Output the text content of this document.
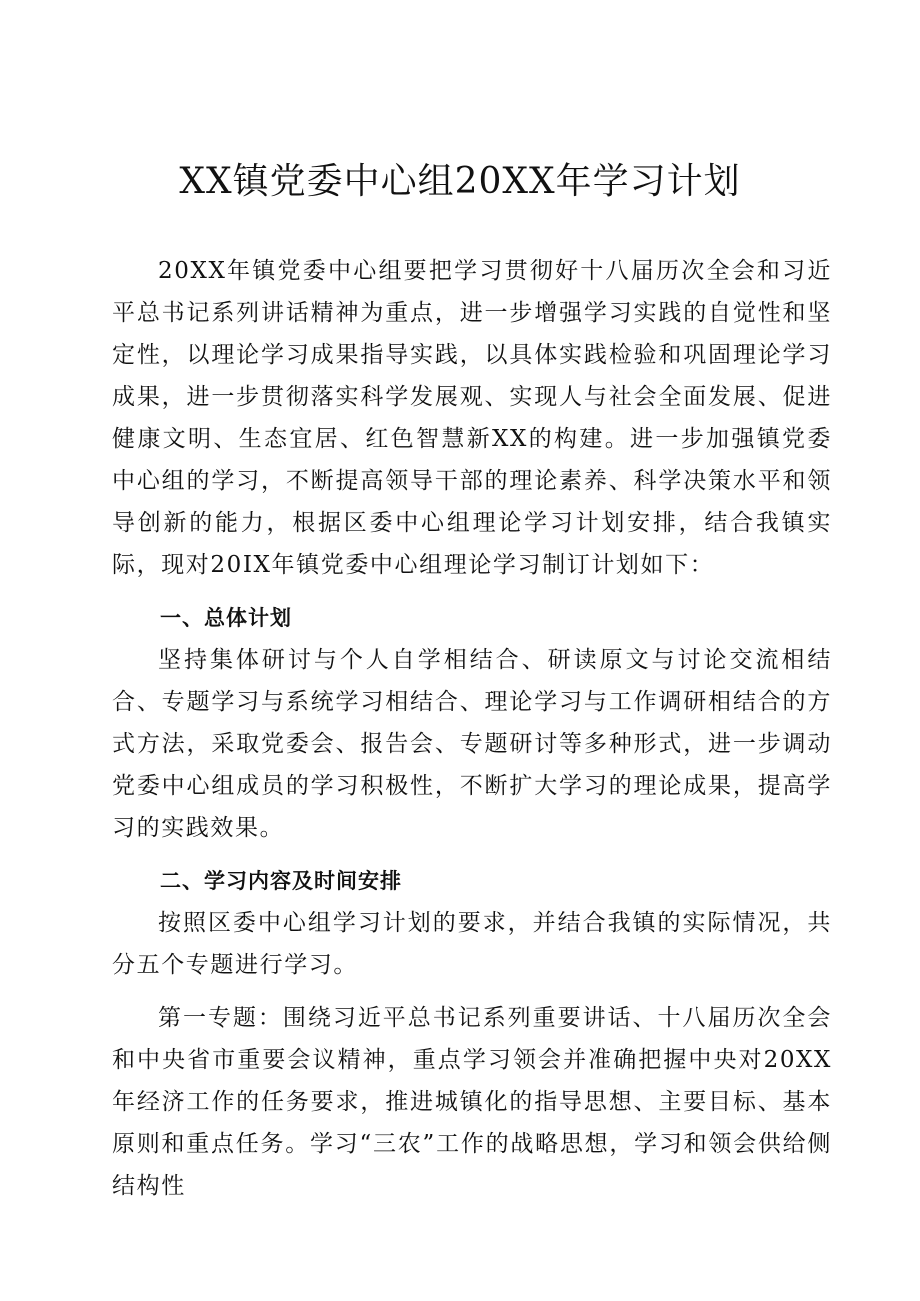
XX镇党委中心组20XX年学习计划

20XX年镇党委中心组要把学习贯彻好十八届历次全会和习近平总书记系列讲话精神为重点，进一步增强学习实践的自觉性和坚定性，以理论学习成果指导实践，以具体实践检验和巩固理论学习成果，进一步贯彻落实科学发展观、实现人与社会全面发展、促进健康文明、生态宜居、红色智慧新XX的构建。进一步加强镇党委中心组的学习，不断提高领导干部的理论素养、科学决策水平和领导创新的能力，根据区委中心组理论学习计划安排，结合我镇实际，现对20IX年镇党委中心组理论学习制订计划如下：

一、总体计划

坚持集体研讨与个人自学相结合、研读原文与讨论交流相结合、专题学习与系统学习相结合、理论学习与工作调研相结合的方式方法，采取党委会、报告会、专题研讨等多种形式，进一步调动党委中心组成员的学习积极性，不断扩大学习的理论成果，提高学习的实践效果。

二、学习内容及时间安排

按照区委中心组学习计划的要求，并结合我镇的实际情况，共分五个专题进行学习。

第一专题：围绕习近平总书记系列重要讲话、十八届历次全会和中央省市重要会议精神，重点学习领会并准确把握中央对20XX年经济工作的任务要求，推进城镇化的指导思想、主要目标、基本原则和重点任务。学习“三农”工作的战略思想，学习和领会供给侧结构性
